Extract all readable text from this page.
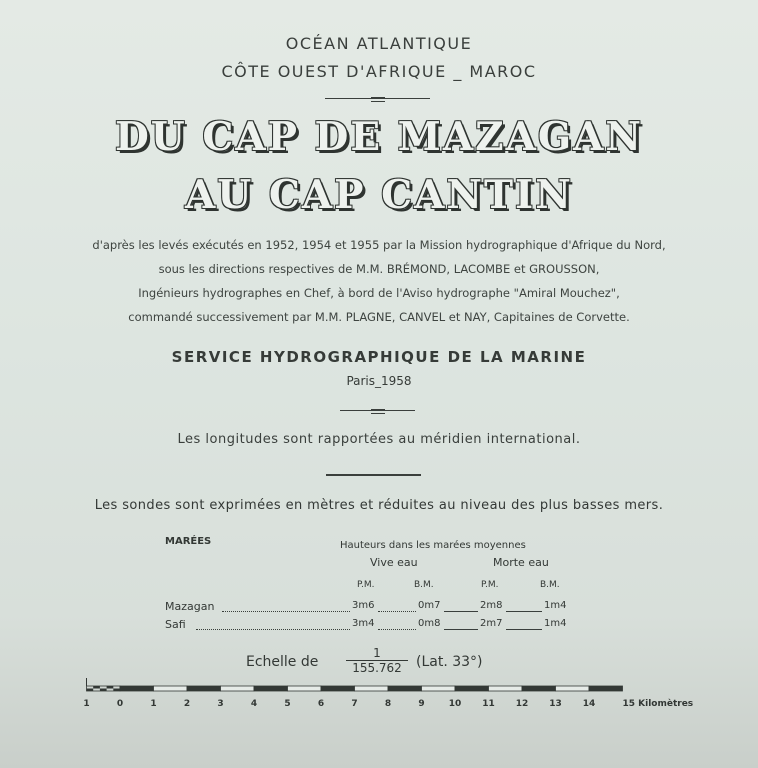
OCÉAN ATLANTIQUE
CÔTE OUEST D'AFRIQUE _ MAROC
DU CAP DE MAZAGAN
AU CAP CANTIN
d'après les levés exécutés en 1952, 1954 et 1955 par la Mission hydrographique d'Afrique du Nord,
sous les directions respectives de M.M. BRÉMOND, LACOMBE et GROUSSON,
Ingénieurs hydrographes en Chef, à bord de l'Aviso hydrographe "Amiral Mouchez",
commandé successivement par M.M. PLAGNE, CANVEL et NAY, Capitaines de Corvette.
SERVICE HYDROGRAPHIQUE DE LA MARINE
Paris_1958
Les longitudes sont rapportées au méridien international.
Les sondes sont exprimées en mètres et réduites au niveau des plus basses mers.
MARÉES	Hauteurs dans les marées moyennes
Vive eau	Morte eau
P.M.	B.M.	P.M.	B.M.
Mazagan	3m6	0m7	2m8	1m4
Safi	3m4	0m8	2m7	1m4
Echelle de $\frac{1}{155.762} (Lat$. 33°)
1	0	1	2	3	4	5	6	7	8	9	10 11 12 13 14	15 Kilomètres
